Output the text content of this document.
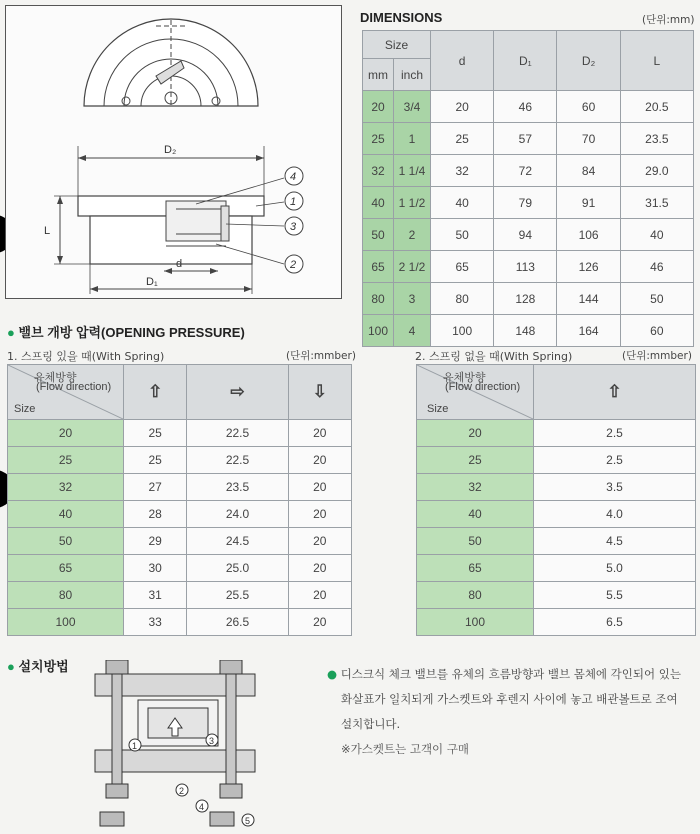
D₂
L
d
D₁
4
1
3
2
DIMENSIONS	(단위:mm)
Size		d	D₁	D₂	L
mm	inch				
20	3/4	20	46	60	20.5
25	1	25	57	70	23.5
32	1 1/4	32	72	84	29.0
40	1 1/2	40	79	91	31.5
50	2	50	94	106	40
65	2 1/2	65	113	126	46
80	3	80	128	144	50
100	4	100	148	164	60
● 밸브 개방 압력(OPENING PRESSURE)
1. 스프링 있을 때(With Spring)	(단위:mmber)
유체방향
(Flow direction)
Size	⇧	⇨	⇩
20	25	22.5	20
25	25	22.5	20
32	27	23.5	20
40	28	24.0	20
50	29	24.5	20
65	30	25.0	20
80	31	25.5	20
100	33	26.5	20
2. 스프링 없을 때(With Spring)	(단위:mmber)
유체방향
(Flow direction)
Size	⇧
20	2.5
25	2.5
32	3.5
40	4.0
50	4.5
65	5.0
80	5.5
100	6.5
● 설치방법
1	3
2
4
5
● 디스크식 체크 밸브를 유체의 흐름방향과 밸브 몸체에 각인되어 있는
화살표가 일치되게 가스켓트와 후렌지 사이에 놓고 배관볼트로 조여
설치합니다.
※가스켓트는 고객이 구매
